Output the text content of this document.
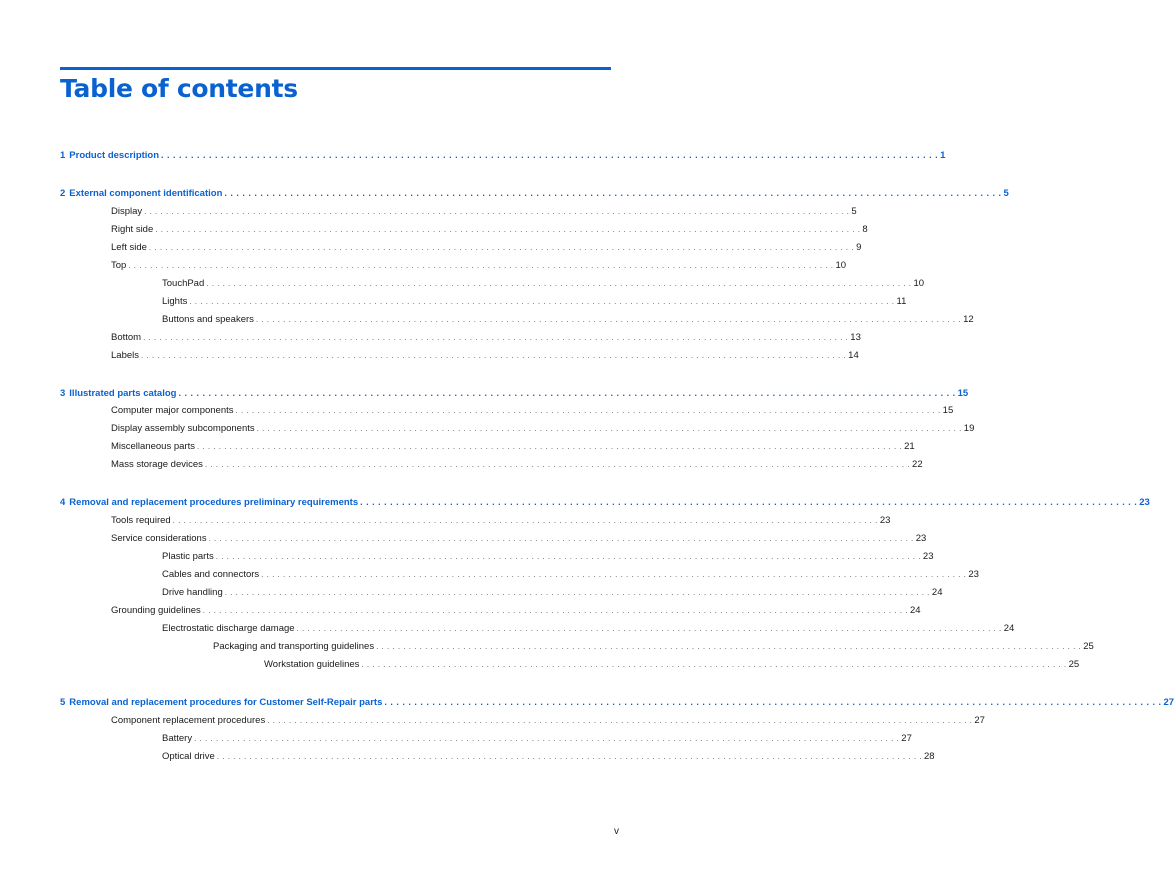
Table of contents
1 Product description . . . . . . . . . . . . . . . . . . . . . . . . . . . . . . . . . . . . . . . . . . . . . . . . . . . . . . . . . . . . . . . . . . . . . . . . . . . . . . . . . . . . . . . . . . . . . . . . . . . . . . . . . . . . . . . . . . . . . . . . . . . . . . . . . . 1
2 External component identification . . . . . . . . . . . . . . . . . . . . . . . . . . . . . . . . . . . . . . . . . . . . . . . . . . . . . . . . . . . . . . . . . . . . . . . . . . . . . . . . . . . . . . . . . . . . . . . . . . . . . . . . . . . . . . . . . . . . . . . . . . . . . . . . . . 5
Display . . . . . . . . . . . . . . . . . . . . . . . . . . . . . . . . . . . . . . . . . . . . . . . . . . . . . . . . . . . . . . . . . . . . . . . . . . . . . . . . . . . . . . . . . . . . . . . . . . . . . . . . . . . . . . . . . . . . . . . . . . . . . . . . . . 5
Right side . . . . . . . . . . . . . . . . . . . . . . . . . . . . . . . . . . . . . . . . . . . . . . . . . . . . . . . . . . . . . . . . . . . . . . . . . . . . . . . . . . . . . . . . . . . . . . . . . . . . . . . . . . . . . . . . . . . . . . . . . . . . . . . . . . 8
Left side . . . . . . . . . . . . . . . . . . . . . . . . . . . . . . . . . . . . . . . . . . . . . . . . . . . . . . . . . . . . . . . . . . . . . . . . . . . . . . . . . . . . . . . . . . . . . . . . . . . . . . . . . . . . . . . . . . . . . . . . . . . . . . . . . . 9
Top . . . . . . . . . . . . . . . . . . . . . . . . . . . . . . . . . . . . . . . . . . . . . . . . . . . . . . . . . . . . . . . . . . . . . . . . . . . . . . . . . . . . . . . . . . . . . . . . . . . . . . . . . . . . . . . . . . . . . . . . . . . . . . . . . . 10
TouchPad . . . . . . . . . . . . . . . . . . . . . . . . . . . . . . . . . . . . . . . . . . . . . . . . . . . . . . . . . . . . . . . . . . . . . . . . . . . . . . . . . . . . . . . . . . . . . . . . . . . . . . . . . . . . . . . . . . . . . . . . . . . . . . . . . . 10
Lights . . . . . . . . . . . . . . . . . . . . . . . . . . . . . . . . . . . . . . . . . . . . . . . . . . . . . . . . . . . . . . . . . . . . . . . . . . . . . . . . . . . . . . . . . . . . . . . . . . . . . . . . . . . . . . . . . . . . . . . . . . . . . . . . . . 11
Buttons and speakers . . . . . . . . . . . . . . . . . . . . . . . . . . . . . . . . . . . . . . . . . . . . . . . . . . . . . . . . . . . . . . . . . . . . . . . . . . . . . . . . . . . . . . . . . . . . . . . . . . . . . . . . . . . . . . . . . . . . . . . . . . . . . . . . . . 12
Bottom . . . . . . . . . . . . . . . . . . . . . . . . . . . . . . . . . . . . . . . . . . . . . . . . . . . . . . . . . . . . . . . . . . . . . . . . . . . . . . . . . . . . . . . . . . . . . . . . . . . . . . . . . . . . . . . . . . . . . . . . . . . . . . . . . . 13
Labels . . . . . . . . . . . . . . . . . . . . . . . . . . . . . . . . . . . . . . . . . . . . . . . . . . . . . . . . . . . . . . . . . . . . . . . . . . . . . . . . . . . . . . . . . . . . . . . . . . . . . . . . . . . . . . . . . . . . . . . . . . . . . . . . . . 14
3 Illustrated parts catalog . . . . . . . . . . . . . . . . . . . . . . . . . . . . . . . . . . . . . . . . . . . . . . . . . . . . . . . . . . . . . . . . . . . . . . . . . . . . . . . . . . . . . . . . . . . . . . . . . . . . . . . . . . . . . . . . . . . . . . . . . . . . . . . . . . 15
Computer major components . . . . . . . . . . . . . . . . . . . . . . . . . . . . . . . . . . . . . . . . . . . . . . . . . . . . . . . . . . . . . . . . . . . . . . . . . . . . . . . . . . . . . . . . . . . . . . . . . . . . . . . . . . . . . . . . . . . . . . . . . . . . . . . . . . 15
Display assembly subcomponents . . . . . . . . . . . . . . . . . . . . . . . . . . . . . . . . . . . . . . . . . . . . . . . . . . . . . . . . . . . . . . . . . . . . . . . . . . . . . . . . . . . . . . . . . . . . . . . . . . . . . . . . . . . . . . . . . . . . . . . . . . . . . . . . . . 19
Miscellaneous parts . . . . . . . . . . . . . . . . . . . . . . . . . . . . . . . . . . . . . . . . . . . . . . . . . . . . . . . . . . . . . . . . . . . . . . . . . . . . . . . . . . . . . . . . . . . . . . . . . . . . . . . . . . . . . . . . . . . . . . . . . . . . . . . . . . 21
Mass storage devices . . . . . . . . . . . . . . . . . . . . . . . . . . . . . . . . . . . . . . . . . . . . . . . . . . . . . . . . . . . . . . . . . . . . . . . . . . . . . . . . . . . . . . . . . . . . . . . . . . . . . . . . . . . . . . . . . . . . . . . . . . . . . . . . . . 22
4 Removal and replacement procedures preliminary requirements . . . . . . . . . . . . . . . . . . . . . . . . . . . . . . . . . . . . . . . . . . . . . . . . . . . . . . . . . . . . . . . . . . . . . . . . . . . . . . . . . . . . . . . . . . . . . . . . . . . . . . . . . . . . . . . . . . . . . . . . . . . . . . . . . . 23
Tools required . . . . . . . . . . . . . . . . . . . . . . . . . . . . . . . . . . . . . . . . . . . . . . . . . . . . . . . . . . . . . . . . . . . . . . . . . . . . . . . . . . . . . . . . . . . . . . . . . . . . . . . . . . . . . . . . . . . . . . . . . . . . . . . . . . 23
Service considerations . . . . . . . . . . . . . . . . . . . . . . . . . . . . . . . . . . . . . . . . . . . . . . . . . . . . . . . . . . . . . . . . . . . . . . . . . . . . . . . . . . . . . . . . . . . . . . . . . . . . . . . . . . . . . . . . . . . . . . . . . . . . . . . . . . 23
Plastic parts . . . . . . . . . . . . . . . . . . . . . . . . . . . . . . . . . . . . . . . . . . . . . . . . . . . . . . . . . . . . . . . . . . . . . . . . . . . . . . . . . . . . . . . . . . . . . . . . . . . . . . . . . . . . . . . . . . . . . . . . . . . . . . . . . . 23
Cables and connectors . . . . . . . . . . . . . . . . . . . . . . . . . . . . . . . . . . . . . . . . . . . . . . . . . . . . . . . . . . . . . . . . . . . . . . . . . . . . . . . . . . . . . . . . . . . . . . . . . . . . . . . . . . . . . . . . . . . . . . . . . . . . . . . . . . 23
Drive handling . . . . . . . . . . . . . . . . . . . . . . . . . . . . . . . . . . . . . . . . . . . . . . . . . . . . . . . . . . . . . . . . . . . . . . . . . . . . . . . . . . . . . . . . . . . . . . . . . . . . . . . . . . . . . . . . . . . . . . . . . . . . . . . . . . 24
Grounding guidelines . . . . . . . . . . . . . . . . . . . . . . . . . . . . . . . . . . . . . . . . . . . . . . . . . . . . . . . . . . . . . . . . . . . . . . . . . . . . . . . . . . . . . . . . . . . . . . . . . . . . . . . . . . . . . . . . . . . . . . . . . . . . . . . . . . 24
Electrostatic discharge damage . . . . . . . . . . . . . . . . . . . . . . . . . . . . . . . . . . . . . . . . . . . . . . . . . . . . . . . . . . . . . . . . . . . . . . . . . . . . . . . . . . . . . . . . . . . . . . . . . . . . . . . . . . . . . . . . . . . . . . . . . . . . . . . . . . 24
Packaging and transporting guidelines . . . . . . . . . . . . . . . . . . . . . . . . . . . . . . . . . . . . . . . . . . . . . . . . . . . . . . . . . . . . . . . . . . . . . . . . . . . . . . . . . . . . . . . . . . . . . . . . . . . . . . . . . . . . . . . . . . . . . . . . . . . . . . . . . . 25
Workstation guidelines . . . . . . . . . . . . . . . . . . . . . . . . . . . . . . . . . . . . . . . . . . . . . . . . . . . . . . . . . . . . . . . . . . . . . . . . . . . . . . . . . . . . . . . . . . . . . . . . . . . . . . . . . . . . . . . . . . . . . . . . . . . . . . . . . . 25
5 Removal and replacement procedures for Customer Self-Repair parts . . . . . . . . . . . . . . . . . . . . . . . . . . . . . . . . . . . . . . . . . . . . . . . . . . . . . . . . . . . . . . . . . . . . . . . . . . . . . . . . . . . . . . . . . . . . . . . . . . . . . . . . . . . . . . . . . . . . . . . . . . . . . . . . . . 27
Component replacement procedures . . . . . . . . . . . . . . . . . . . . . . . . . . . . . . . . . . . . . . . . . . . . . . . . . . . . . . . . . . . . . . . . . . . . . . . . . . . . . . . . . . . . . . . . . . . . . . . . . . . . . . . . . . . . . . . . . . . . . . . . . . . . . . . . . . 27
Battery . . . . . . . . . . . . . . . . . . . . . . . . . . . . . . . . . . . . . . . . . . . . . . . . . . . . . . . . . . . . . . . . . . . . . . . . . . . . . . . . . . . . . . . . . . . . . . . . . . . . . . . . . . . . . . . . . . . . . . . . . . . . . . . . . . 27
Optical drive . . . . . . . . . . . . . . . . . . . . . . . . . . . . . . . . . . . . . . . . . . . . . . . . . . . . . . . . . . . . . . . . . . . . . . . . . . . . . . . . . . . . . . . . . . . . . . . . . . . . . . . . . . . . . . . . . . . . . . . . . . . . . . . . . . 28
v
